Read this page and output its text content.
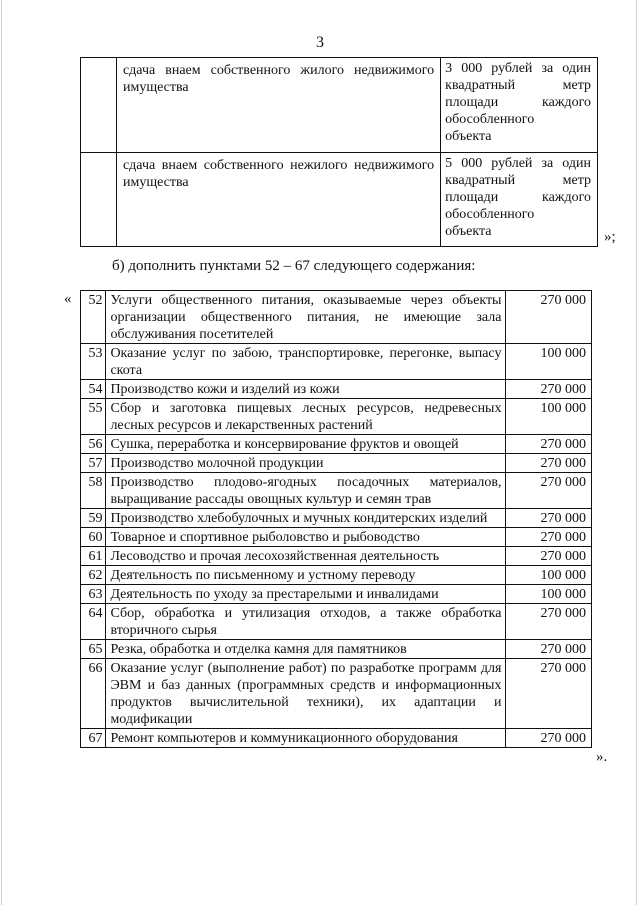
3
	сдача внаем собственного жилого недвижимого имущества	3 000 рублей за один
квадратный метр
площади каждого
обособленного
объекта

	сдача внаем собственного нежилого недвижимого имущества	5 000 рублей за один
квадратный метр
площади каждого
обособленного
объекта	»;
б) дополнить пунктами 52 – 67 следующего содержания:
« 52	Услуги общественного питания, оказываемые через объекты организации общественного питания, не имеющие зала обслуживания посетителей	270 000
53	Оказание услуг по забою, транспортировке, перегонке, выпасу скота	100 000
54	Производство кожи и изделий из кожи	270 000
55	Сбор и заготовка пищевых лесных ресурсов, недревесных лесных ресурсов и лекарственных растений	100 000
56	Сушка, переработка и консервирование фруктов и овощей	270 000
57	Производство молочной продукции	270 000
58	Производство плодово-ягодных посадочных материалов, выращивание рассады овощных культур и семян трав	270 000
59	Производство хлебобулочных и мучных кондитерских изделий	270 000
60	Товарное и спортивное рыболовство и рыбоводство	270 000
61	Лесоводство и прочая лесохозяйственная деятельность	270 000
62	Деятельность по письменному и устному переводу	100 000
63	Деятельность по уходу за престарелыми и инвалидами	100 000
64	Сбор, обработка и утилизация отходов, а также обработка вторичного сырья	270 000
65	Резка, обработка и отделка камня для памятников	270 000
66	Оказание услуг (выполнение работ) по разработке программ для ЭВМ и баз данных (программных средств и информационных продуктов вычислительной техники), их адаптации и модификации	270 000
67	Ремонт компьютеров и коммуникационного оборудования	270 000
».
